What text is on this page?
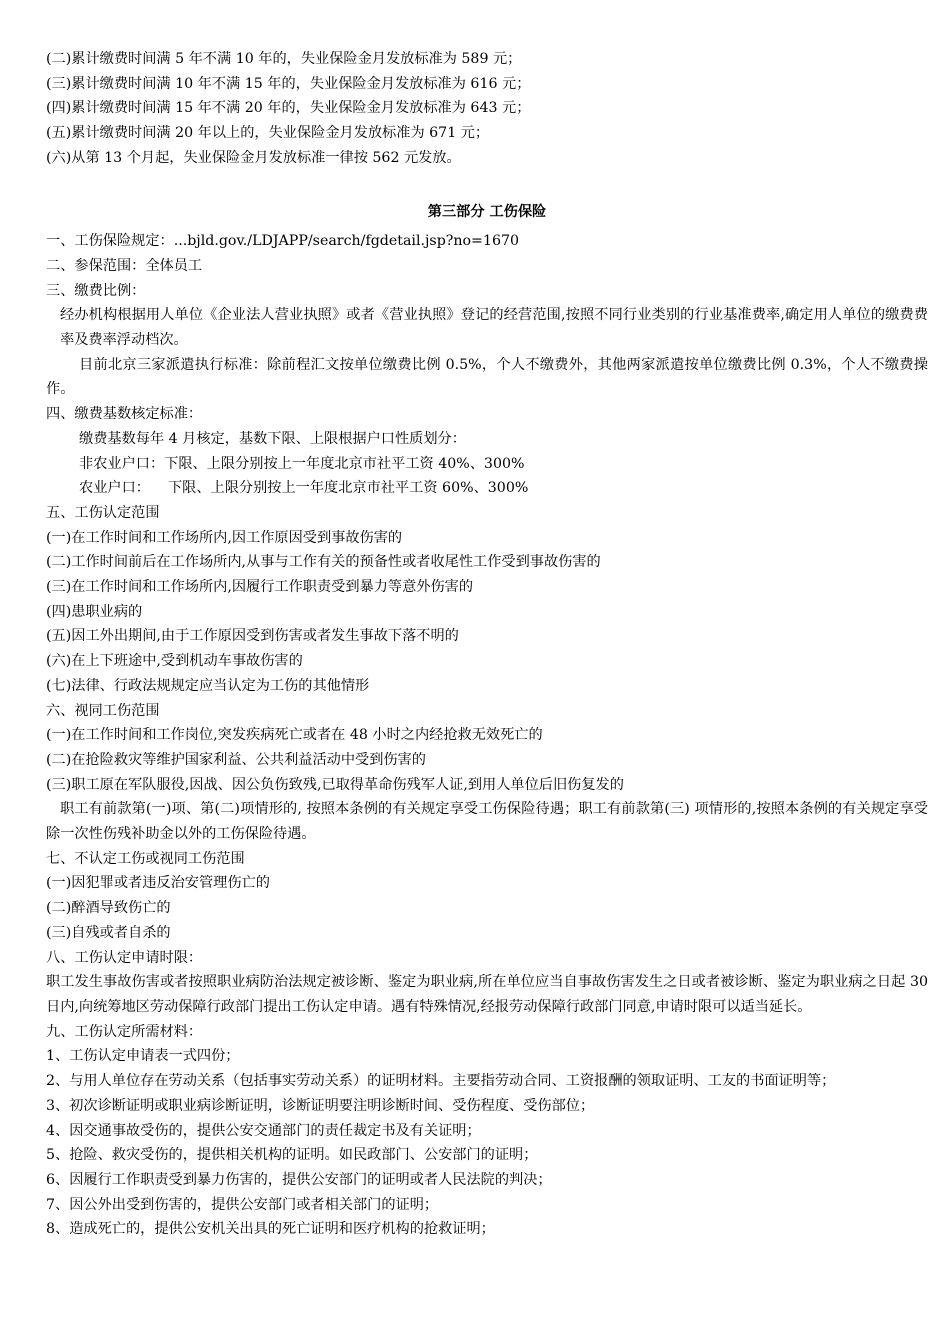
(二)累计缴费时间满 5 年不满 10 年的，失业保险金月发放标准为 589 元；
(三)累计缴费时间满 10 年不满 15 年的，失业保险金月发放标准为 616 元；
(四)累计缴费时间满 15 年不满 20 年的，失业保险金月发放标准为 643 元；
(五)累计缴费时间满 20 年以上的，失业保险金月发放标准为 671 元；
(六)从第 13 个月起，失业保险金月发放标准一律按 562 元发放。
第三部分 工伤保险
一、工伤保险规定：...bjld.gov./LDJAPP/search/fgdetail.jsp?no=1670
二、参保范围：全体员工
三、缴费比例：
经办机构根据用人单位《企业法人营业执照》或者《营业执照》登记的经营范围,按照不同行业类别的行业基准费率,确定用人单位的缴费费率及费率浮动档次。
目前北京三家派遣执行标准：除前程汇文按单位缴费比例 0.5%，个人不缴费外，其他两家派遣按单位缴费比例 0.3%，个人不缴费操作。
四、缴费基数核定标准：
缴费基数每年 4 月核定，基数下限、上限根据户口性质划分：
非农业户口：下限、上限分别按上一年度北京市社平工资 40%、300%
农业户口：    下限、上限分别按上一年度北京市社平工资 60%、300%
五、工伤认定范围
(一)在工作时间和工作场所内,因工作原因受到事故伤害的
(二)工作时间前后在工作场所内,从事与工作有关的预备性或者收尾性工作受到事故伤害的
(三)在工作时间和工作场所内,因履行工作职责受到暴力等意外伤害的
(四)患职业病的
(五)因工外出期间,由于工作原因受到伤害或者发生事故下落不明的
(六)在上下班途中,受到机动车事故伤害的
(七)法律、行政法规规定应当认定为工伤的其他情形
六、视同工伤范围
(一)在工作时间和工作岗位,突发疾病死亡或者在 48 小时之内经抢救无效死亡的
(二)在抢险救灾等维护国家利益、公共利益活动中受到伤害的
(三)职工原在军队服役,因战、因公负伤致残,已取得革命伤残军人证,到用人单位后旧伤复发的
职工有前款第(一)项、第(二)项情形的, 按照本条例的有关规定享受工伤保险待遇；职工有前款第(三) 项情形的,按照本条例的有关规定享受除一次性伤残补助金以外的工伤保险待遇。
七、不认定工伤或视同工伤范围
(一)因犯罪或者违反治安管理伤亡的
(二)醉酒导致伤亡的
(三)自残或者自杀的
八、工伤认定申请时限：
职工发生事故伤害或者按照职业病防治法规定被诊断、鉴定为职业病,所在单位应当自事故伤害发生之日或者被诊断、鉴定为职业病之日起 30 日内,向统筹地区劳动保障行政部门提出工伤认定申请。遇有特殊情况,经报劳动保障行政部门同意,申请时限可以适当延长。
九、工伤认定所需材料：
1、工伤认定申请表一式四份；
2、与用人单位存在劳动关系（包括事实劳动关系）的证明材料。主要指劳动合同、工资报酬的领取证明、工友的书面证明等；
3、初次诊断证明或职业病诊断证明，诊断证明要注明诊断时间、受伤程度、受伤部位；
4、因交通事故受伤的，提供公安交通部门的责任裁定书及有关证明；
5、抢险、救灾受伤的，提供相关机构的证明。如民政部门、公安部门的证明；
6、因履行工作职责受到暴力伤害的，提供公安部门的证明或者人民法院的判决；
7、因公外出受到伤害的，提供公安部门或者相关部门的证明；
8、造成死亡的，提供公安机关出具的死亡证明和医疗机构的抢救证明；
